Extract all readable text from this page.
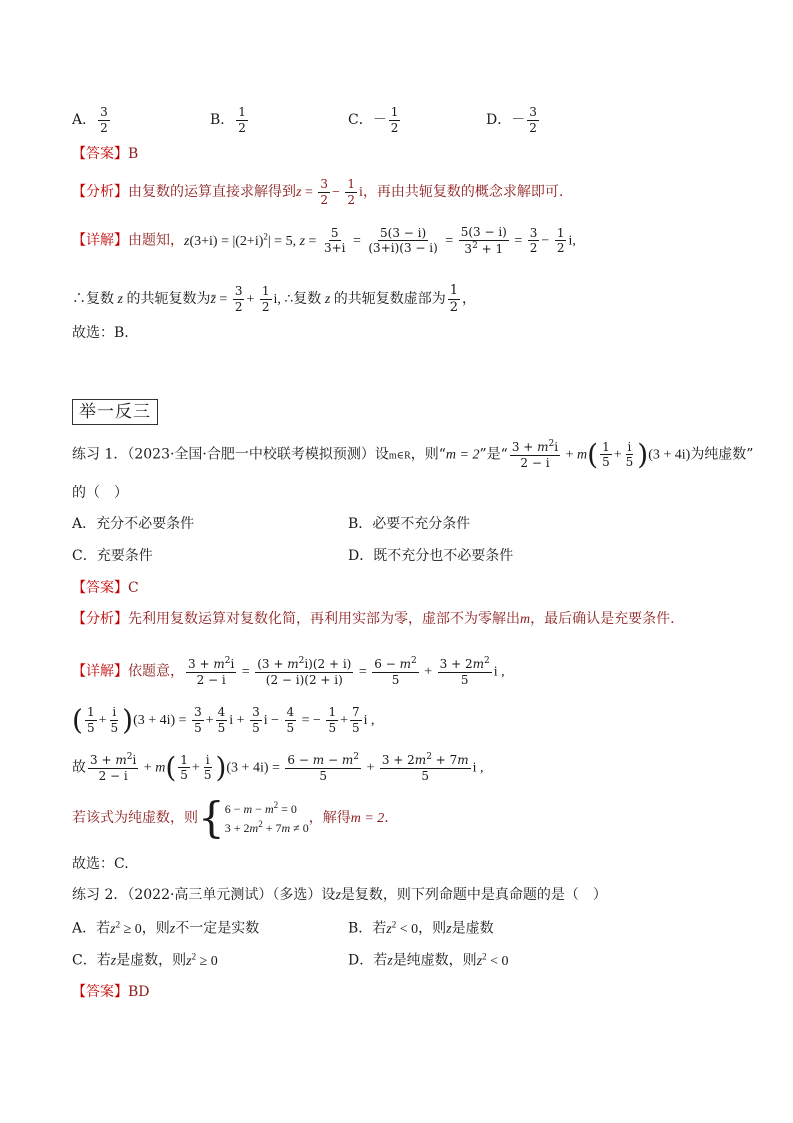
A． $\frac{3}{2}$	B． $\frac{1}{2}$	C．－ $\frac{1}{2}$	D．－ $\frac{3}{2}$
【答案】B
【分析】由复数的运算直接求解得到$z = \frac{3}{2} - \frac{1}{2}$ i，再由共轭复数的概念求解即可.
【详解】由题知，$z(3+i) = |(2+i)^2| = 5$, $z = \frac{5}{3+i} = \frac{5(3 - i)}{(3+i)(3 - i)} = \frac{5(3 - i)}{3^2 + 1} = \frac{3}{2} - \frac{1}{2} i$,
∴复数 z 的共轭复数为z̄ = $\frac{3}{2} + \frac{1}{2} i$, ∴复数 z 的共轭复数虚部为 $\frac{1}{2}$ ，
故选：B.
举一反三
练习 1．（2023·全国·合肥一中校联考模拟预测）设m∈R，则“m = 2”是“ $\frac{3 + m^2i}{2 - i} + m( \frac{1}{5} + \frac{i}{5} )(3 + 4i)$为纯虚数”
的（　）
A．充分不必要条件	B．必要不充分条件
C．充要条件	D．既不充分也不必要条件
【答案】C
【分析】先利用复数运算对复数化简，再利用实部为零，虚部不为零解出m，最后确认是充要条件.
【详解】依题意， $\frac{3 + m^2i}{2 - i} = \frac{(3 + m^2i)(2 + i)}{(2 - i)(2 + i)} = \frac{6 - m^2}{5} + \frac{3 + 2m^2}{5}$ i ,
( $\frac{1}{5} + \frac{i}{5} )(3 + 4i) = \frac{3}{5} + \frac{4}{5}$ $i + \frac{3}{5}$ $i - \frac{4}{5}$ = − $\frac{1}{5} + \frac{7}{5}$ i ,
故 $\frac{3 + m^2i}{2 - i} + m( \frac{1}{5} + \frac{i}{5} )(3 + 4i) = \frac{6 - m - m^2}{5} + \frac{3 + 2m^2 + 7m}{5}$ i ,
若该式为纯虚数，则{ $6 - m - m^2 = 0$
$3 + 2m^2 + 7m \ne 0$
，解得m = 2.
故选：C.
练习 2．（2022·高三单元测试）（多选）设z是复数，则下列命题中是真命题的是（　）
A．若$z^2 \ge 0$，则z不一定是实数	B．若$z^2 < 0$，则z是虚数
C．若z是虚数，则$z^2 \ge 0$	D．若z是纯虚数，则$z^2 < 0$
【答案】BD
